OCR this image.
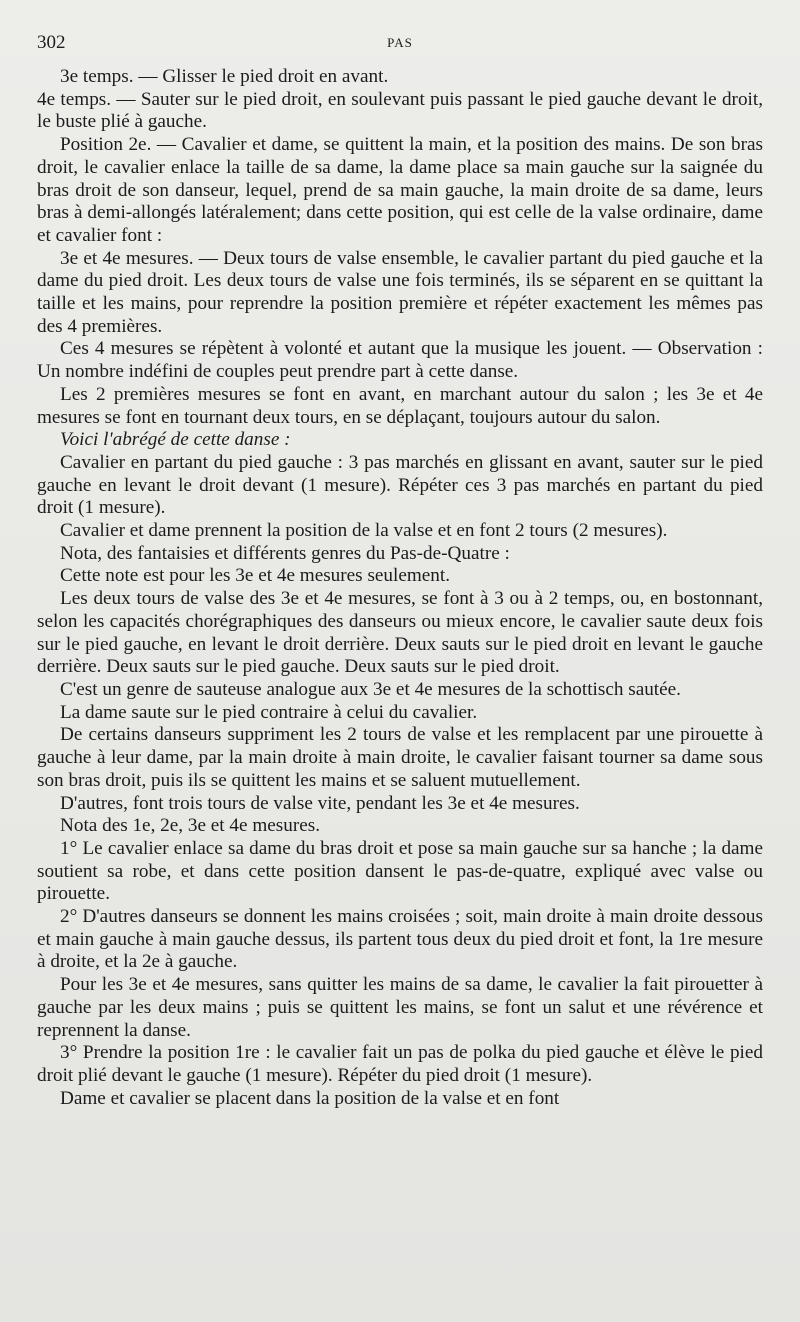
302	PAS

3e temps. — Glisser le pied droit en avant.

4e temps. — Sauter sur le pied droit, en soulevant puis passant le pied gauche devant le droit, le buste plié à gauche.

Position 2e. — Cavalier et dame, se quittent la main, et la position des mains. De son bras droit, le cavalier enlace la taille de sa dame, la dame place sa main gauche sur la saignée du bras droit de son danseur, lequel, prend de sa main gauche, la main droite de sa dame, leurs bras à demi-allongés latéralement; dans cette position, qui est celle de la valse ordinaire, dame et cavalier font :

3e et 4e mesures. — Deux tours de valse ensemble, le cavalier partant du pied gauche et la dame du pied droit. Les deux tours de valse une fois terminés, ils se séparent en se quittant la taille et les mains, pour reprendre la position première et répéter exactement les mêmes pas des 4 premières.

Ces 4 mesures se répètent à volonté et autant que la musique les jouent. — Observation : Un nombre indéfini de couples peut prendre part à cette danse.

Les 2 premières mesures se font en avant, en marchant autour du salon ; les 3e et 4e mesures se font en tournant deux tours, en se déplaçant, toujours autour du salon.

Voici l'abrégé de cette danse :

Cavalier en partant du pied gauche : 3 pas marchés en glissant en avant, sauter sur le pied gauche en levant le droit devant (1 mesure). Répéter ces 3 pas marchés en partant du pied droit (1 mesure).

Cavalier et dame prennent la position de la valse et en font 2 tours (2 mesures).

Nota, des fantaisies et différents genres du Pas-de-Quatre :

Cette note est pour les 3e et 4e mesures seulement.

Les deux tours de valse des 3e et 4e mesures, se font à 3 ou à 2 temps, ou, en bostonnant, selon les capacités chorégraphiques des danseurs ou mieux encore, le cavalier saute deux fois sur le pied gauche, en levant le droit derrière. Deux sauts sur le pied droit en levant le gauche derrière. Deux sauts sur le pied gauche. Deux sauts sur le pied droit.

C'est un genre de sauteuse analogue aux 3e et 4e mesures de la schottisch sautée.

La dame saute sur le pied contraire à celui du cavalier.

De certains danseurs suppriment les 2 tours de valse et les remplacent par une pirouette à gauche à leur dame, par la main droite à main droite, le cavalier faisant tourner sa dame sous son bras droit, puis ils se quittent les mains et se saluent mutuellement.

D'autres, font trois tours de valse vite, pendant les 3e et 4e mesures.

Nota des 1e, 2e, 3e et 4e mesures.

1° Le cavalier enlace sa dame du bras droit et pose sa main gauche sur sa hanche ; la dame soutient sa robe, et dans cette position dansent le pas-de-quatre, expliqué avec valse ou pirouette.

2° D'autres danseurs se donnent les mains croisées ; soit, main droite à main droite dessous et main gauche à main gauche dessus, ils partent tous deux du pied droit et font, la 1re mesure à droite, et la 2e à gauche.

Pour les 3e et 4e mesures, sans quitter les mains de sa dame, le cavalier la fait pirouetter à gauche par les deux mains ; puis se quittent les mains, se font un salut et une révérence et reprennent la danse.

3° Prendre la position 1re : le cavalier fait un pas de polka du pied gauche et élève le pied droit plié devant le gauche (1 mesure). Répéter du pied droit (1 mesure).

Dame et cavalier se placent dans la position de la valse et en font
